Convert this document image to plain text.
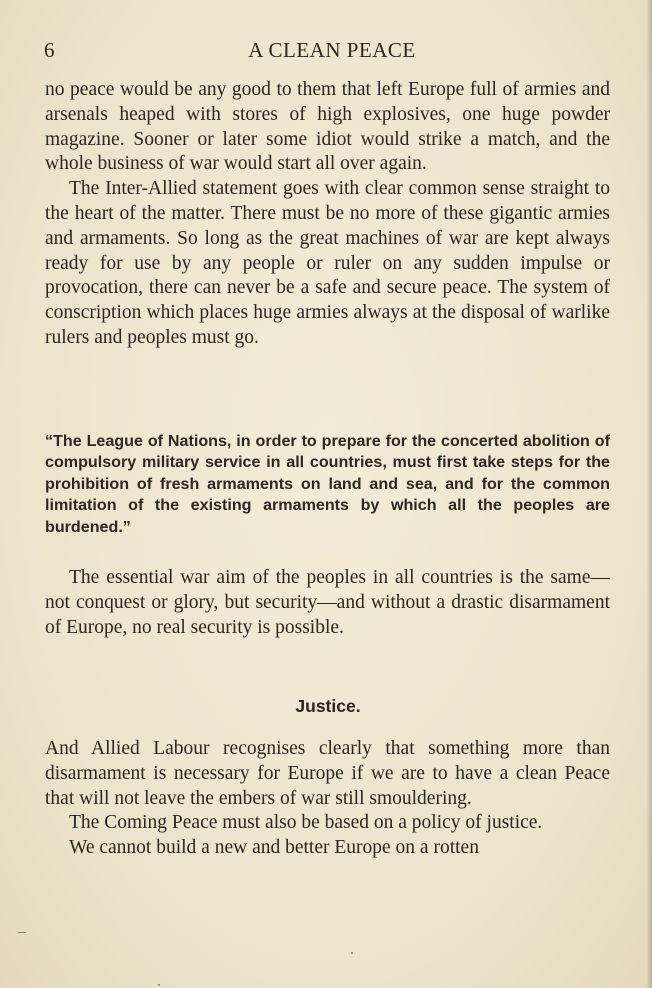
6	A CLEAN PEACE

no peace would be any good to them that left Europe full of armies and arsenals heaped with stores of high explosives, one huge powder magazine. Sooner or later some idiot would strike a match, and the whole business of war would start all over again.

The Inter-Allied statement goes with clear common sense straight to the heart of the matter. There must be no more of these gigantic armies and armaments. So long as the great machines of war are kept always ready for use by any people or ruler on any sudden impulse or provocation, there can never be a safe and secure peace. The system of conscription which places huge armies always at the disposal of warlike rulers and peoples must go.

“The League of Nations, in order to prepare for the concerted abolition of compulsory military service in all countries, must first take steps for the prohibition of fresh armaments on land and sea, and for the common limitation of the existing armaments by which all the peoples are burdened.”

The essential war aim of the peoples in all countries is the same—not conquest or glory, but security—and without a drastic disarmament of Europe, no real security is possible.

Justice.

And Allied Labour recognises clearly that something more than disarmament is necessary for Europe if we are to have a clean Peace that will not leave the embers of war still smouldering.

The Coming Peace must also be based on a policy of justice.

We cannot build a new and better Europe on a rotten
